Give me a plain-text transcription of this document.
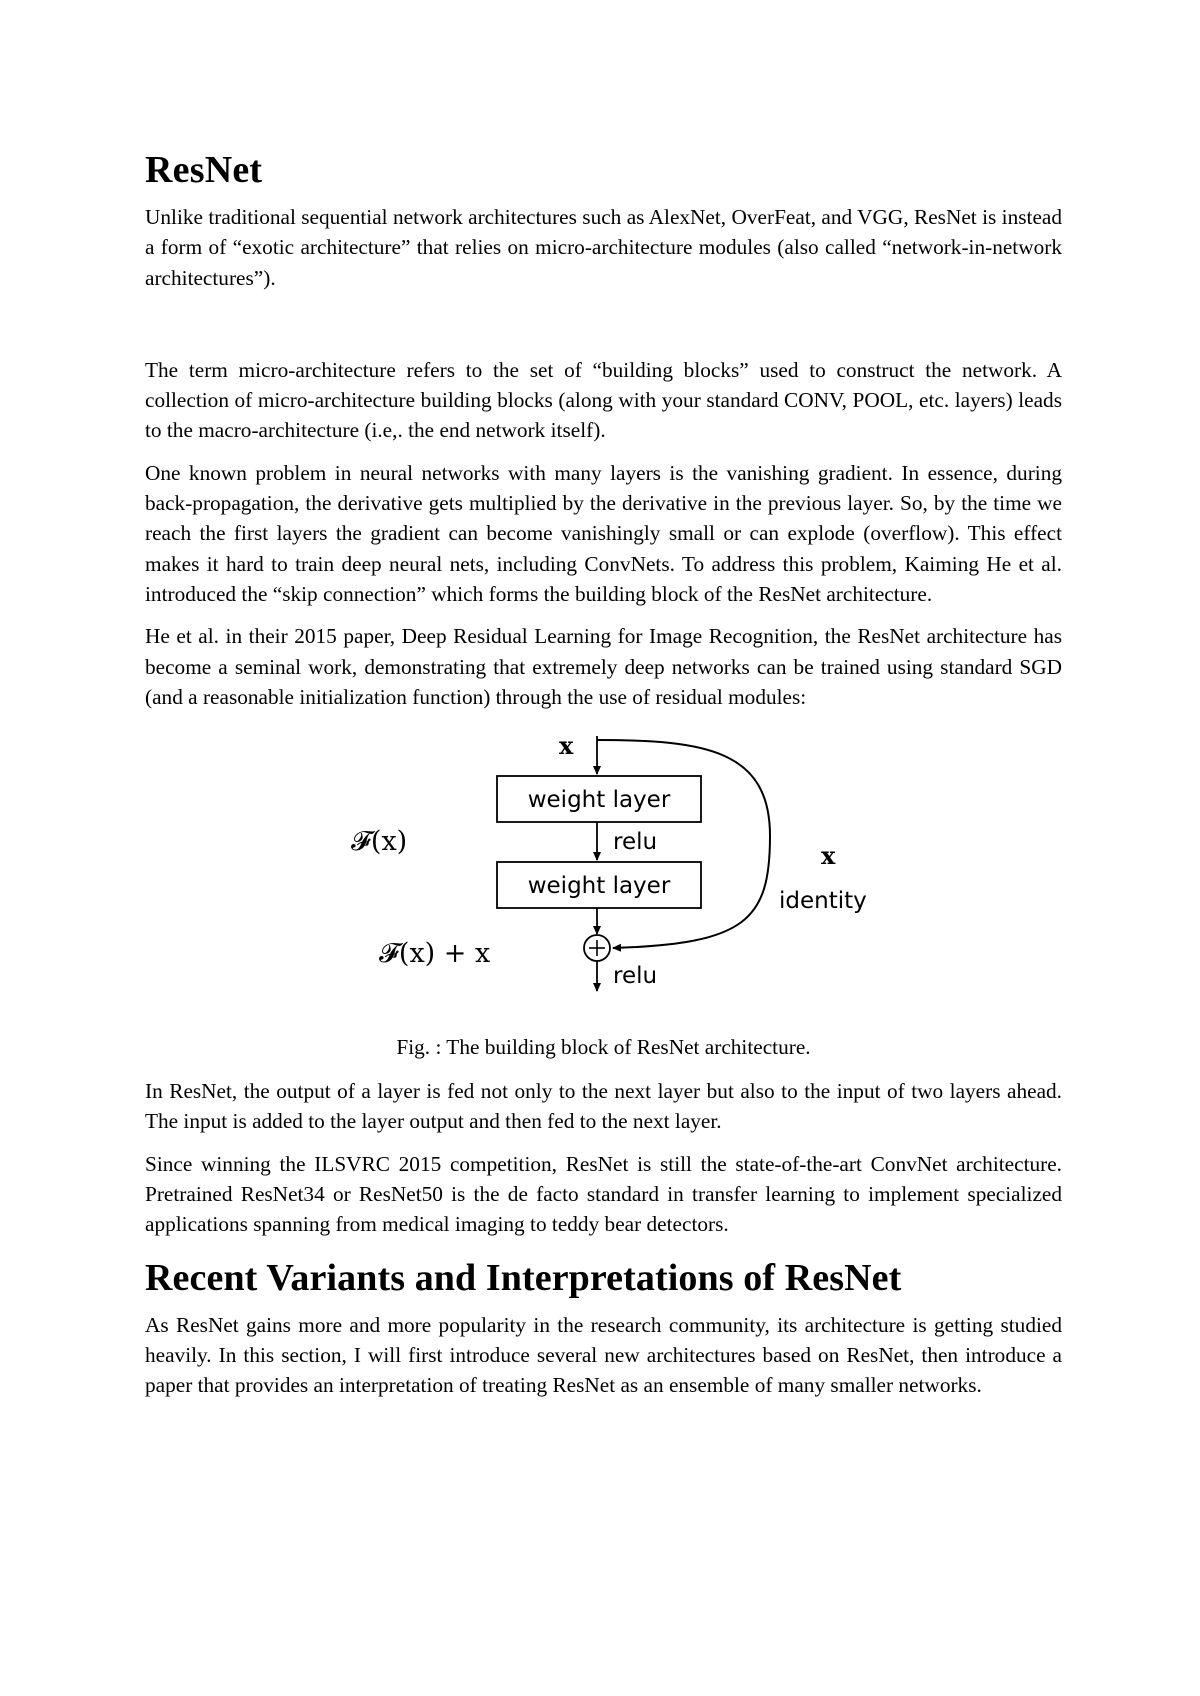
ResNet

Unlike traditional sequential network architectures such as AlexNet, OverFeat, and VGG, ResNet is instead a form of “exotic architecture” that relies on micro-architecture modules (also called “network-in-network architectures”).

The term micro-architecture refers to the set of “building blocks” used to construct the network. A collection of micro-architecture building blocks (along with your standard CONV, POOL, etc. layers) leads to the macro-architecture (i.e,. the end network itself).

One known problem in neural networks with many layers is the vanishing gradient. In essence, during back-propagation, the derivative gets multiplied by the derivative in the previous layer. So, by the time we reach the first layers the gradient can become vanishingly small or can explode (overflow). This effect makes it hard to train deep neural nets, including ConvNets. To address this problem, Kaiming He et al. introduced the “skip connection” which forms the building block of the ResNet architecture.

He et al. in their 2015 paper, Deep Residual Learning for Image Recognition, the ResNet architecture has become a seminal work, demonstrating that extremely deep networks can be trained using standard SGD (and a reasonable initialization function) through the use of residual modules:

x
weight layer
relu
weight layer
relu
𝓕(x)
𝓕(x) + x
x
identity

Fig. : The building block of ResNet architecture.

In ResNet, the output of a layer is fed not only to the next layer but also to the input of two layers ahead. The input is added to the layer output and then fed to the next layer.

Since winning the ILSVRC 2015 competition, ResNet is still the state-of-the-art ConvNet architecture. Pretrained ResNet34 or ResNet50 is the de facto standard in transfer learning to implement specialized applications spanning from medical imaging to teddy bear detectors.

Recent Variants and Interpretations of ResNet

As ResNet gains more and more popularity in the research community, its architecture is getting studied heavily. In this section, I will first introduce several new architectures based on ResNet, then introduce a paper that provides an interpretation of treating ResNet as an ensemble of many smaller networks.
